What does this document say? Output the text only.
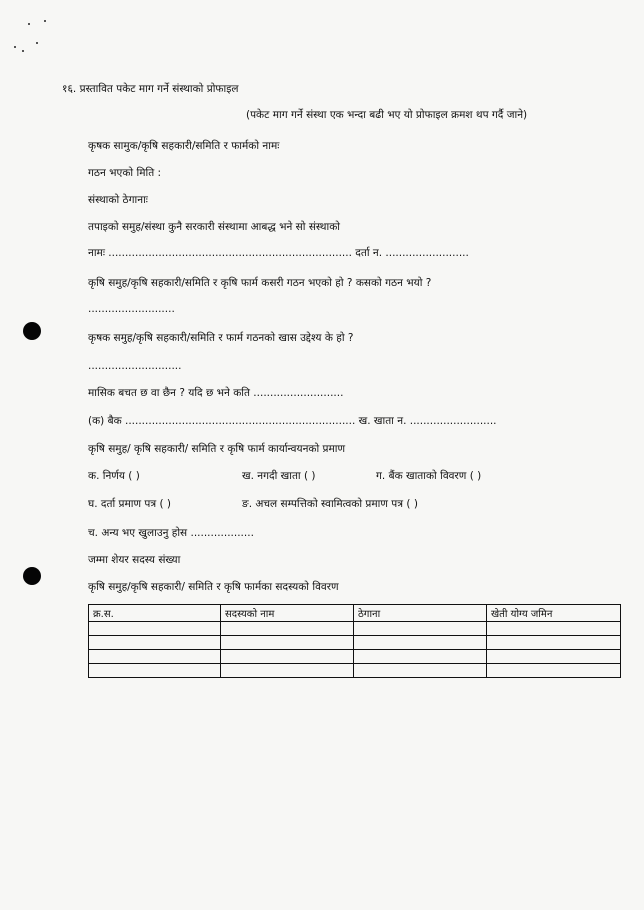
१६. प्रस्तावित पकेट माग गर्ने संस्थाको प्रोफाइल
(पकेट माग गर्ने संस्था एक भन्दा बढी भए यो प्रोफाइल क्रमश थप गर्दै जाने)
कृषक सामुक/कृषि सहकारी/समिति र फार्मको नामः
गठन भएको मिति :
संस्थाको ठेगानाः
तपाइको समुह/संस्था कुनै सरकारी संस्थामा आबद्ध भने सो संस्थाको
नामः ......................................................................... दर्ता न. .........................
कृषि समुह/कृषि सहकारी/समिति र कृषि फार्म कसरी गठन भएको हो ? कसको गठन भयो ?
..........................
कृषक समुह/कृषि सहकारी/समिति र फार्म गठनको खास उद्देश्य के हो ?
............................
मासिक बचत छ वा छैन ? यदि छ भने कति ...........................
(क) बैक ..................................................................... ख. खाता न. ..........................
कृषि समुह/ कृषि सहकारी/ समिति र कृषि फार्म कार्यान्वयनको प्रमाण
क. निर्णय ( )	ख. नगदी खाता ( )	ग. बैंक खाताको विवरण ( )
घ. दर्ता प्रमाण पत्र ( )	ङ. अचल सम्पत्तिको स्वामित्वको प्रमाण पत्र ( )
च. अन्य भए खुलाउनु होस ...................
जम्मा शेयर सदस्य संख्या
कृषि समुह/कृषि सहकारी/ समिति र कृषि फार्मका सदस्यको विवरण
क्र.स.	सदस्यको नाम	ठेगाना	खेती योग्य जमिन
